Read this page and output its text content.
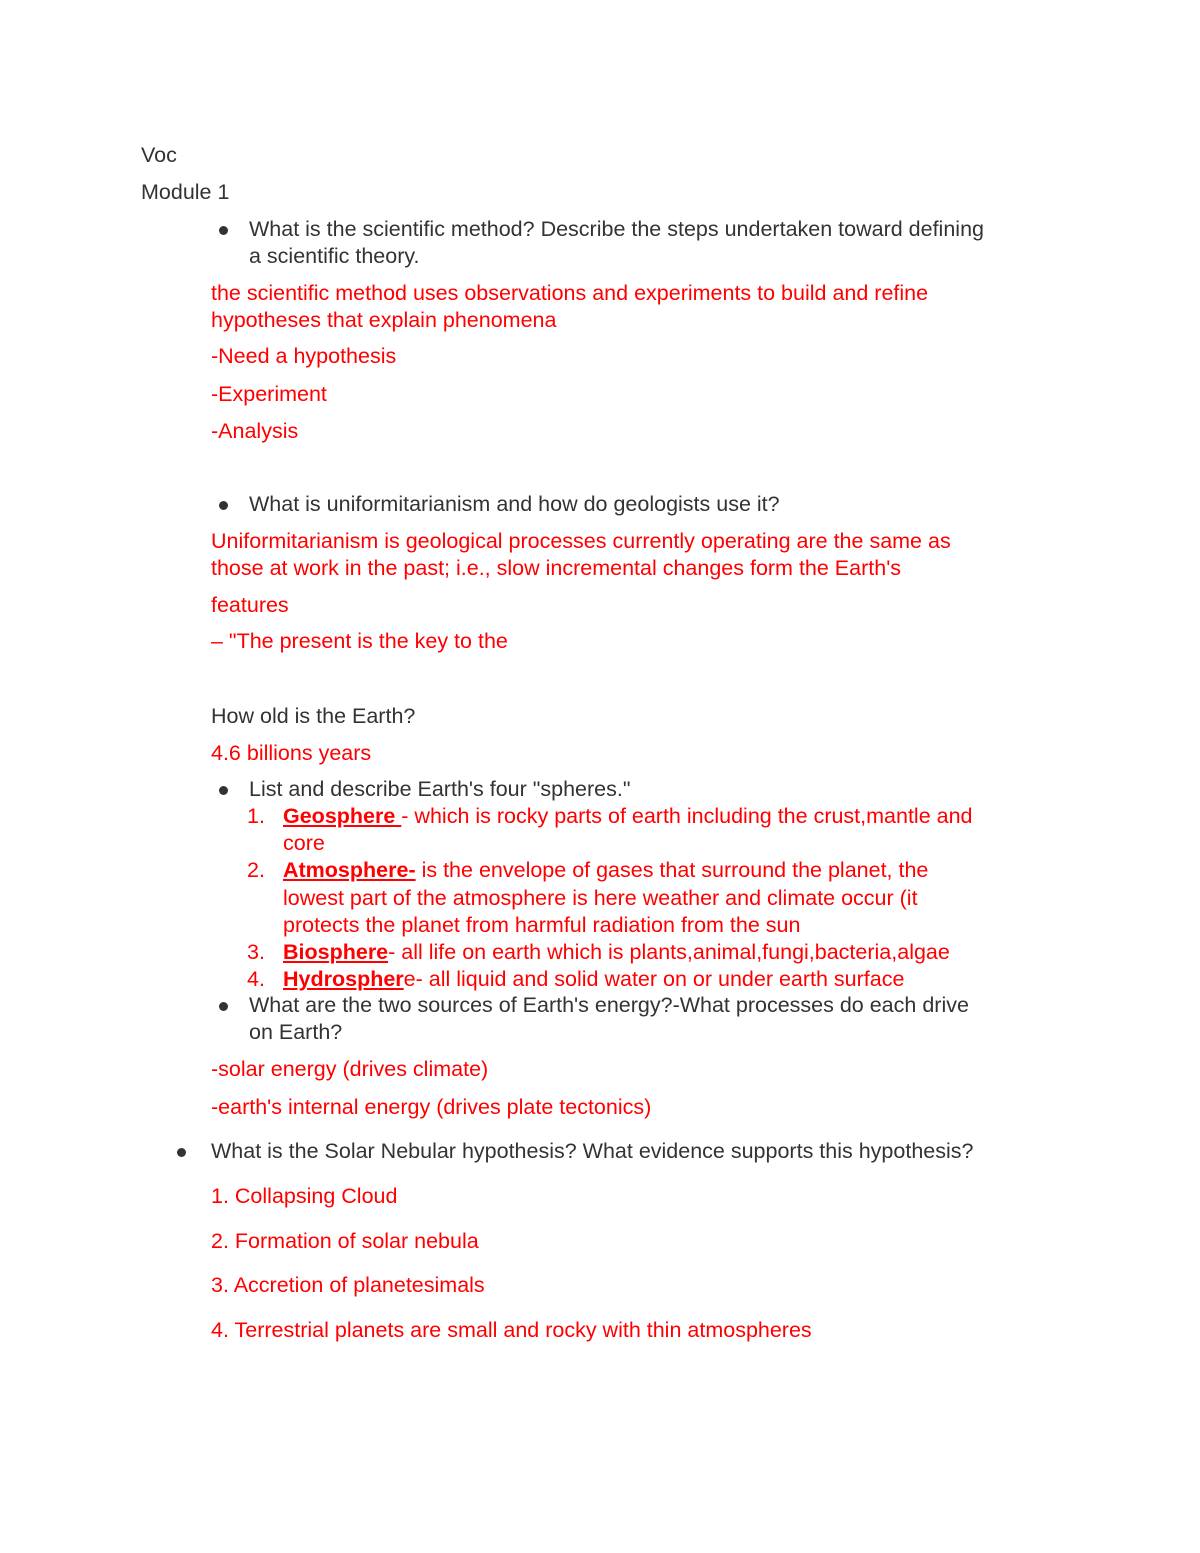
Voc
Module 1
What is the scientific method? Describe the steps undertaken toward defining
a scientific theory.
the scientific method uses observations and experiments to build and refine
hypotheses that explain phenomena
-Need a hypothesis
-Experiment
-Analysis
What is uniformitarianism and how do geologists use it?
Uniformitarianism is geological processes currently operating are the same as
those at work in the past; i.e., slow incremental changes form the Earth's
features
– "The present is the key to the
How old is the Earth?
4.6 billions years
List and describe Earth's four "spheres."
1. Geosphere - which is rocky parts of earth including the crust,mantle and
core
2. Atmosphere- is the envelope of gases that surround the planet, the
lowest part of the atmosphere is here weather and climate occur (it
protects the planet from harmful radiation from the sun
3. Biosphere- all life on earth which is plants,animal,fungi,bacteria,algae
4. Hydrosphere- all liquid and solid water on or under earth surface
What are the two sources of Earth's energy?-What processes do each drive
on Earth?
-solar energy (drives climate)
-earth's internal energy (drives plate tectonics)
What is the Solar Nebular hypothesis? What evidence supports this hypothesis?
1. Collapsing Cloud
2. Formation of solar nebula
3. Accretion of planetesimals
4. Terrestrial planets are small and rocky with thin atmospheres
